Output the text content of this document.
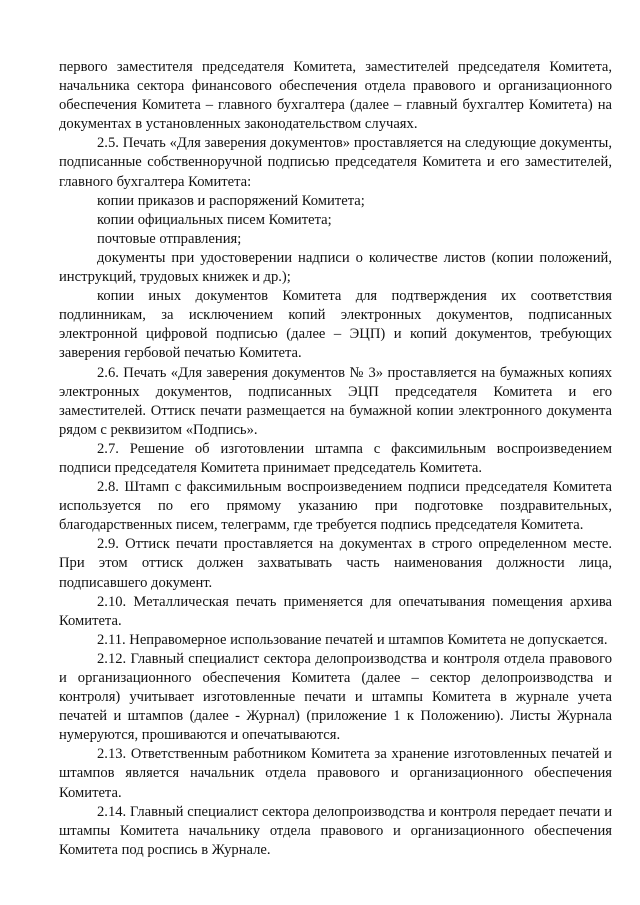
первого заместителя председателя Комитета, заместителей председателя Комитета, начальника сектора финансового обеспечения отдела правового и организационного обеспечения Комитета – главного бухгалтера (далее – главный бухгалтер Комитета) на документах в установленных законодательством случаях.

2.5. Печать «Для заверения документов» проставляется на следующие документы, подписанные собственноручной подписью председателя Комитета и его заместителей, главного бухгалтера Комитета:

копии приказов и распоряжений Комитета;

копии официальных писем Комитета;

почтовые отправления;

документы при удостоверении надписи о количестве листов (копии положений, инструкций, трудовых книжек и др.);

копии иных документов Комитета для подтверждения их соответствия подлинникам, за исключением копий электронных документов, подписанных электронной цифровой подписью (далее – ЭЦП) и копий документов, требующих заверения гербовой печатью Комитета.

2.6. Печать «Для заверения документов № 3» проставляется на бумажных копиях электронных документов, подписанных ЭЦП председателя Комитета и его заместителей. Оттиск печати размещается на бумажной копии электронного документа рядом с реквизитом «Подпись».

2.7. Решение об изготовлении штампа с факсимильным воспроизведением подписи председателя Комитета принимает председатель Комитета.

2.8. Штамп с факсимильным воспроизведением подписи председателя Комитета используется по его прямому указанию при подготовке поздравительных, благодарственных писем, телеграмм, где требуется подпись председателя Комитета.

2.9. Оттиск печати проставляется на документах в строго определенном месте. При этом оттиск должен захватывать часть наименования должности лица, подписавшего документ.

2.10. Металлическая печать применяется для опечатывания помещения архива Комитета.

2.11. Неправомерное использование печатей и штампов Комитета не допускается.

2.12. Главный специалист сектора делопроизводства и контроля отдела правового и организационного обеспечения Комитета (далее – сектор делопроизводства и контроля) учитывает изготовленные печати и штампы Комитета в журнале учета печатей и штампов (далее - Журнал) (приложение 1 к Положению). Листы Журнала нумеруются, прошиваются и опечатываются.

2.13. Ответственным работником Комитета за хранение изготовленных печатей и штампов является начальник отдела правового и организационного обеспечения Комитета.

2.14. Главный специалист сектора делопроизводства и контроля передает печати и штампы Комитета начальнику отдела правового и организационного обеспечения Комитета под роспись в Журнале.
